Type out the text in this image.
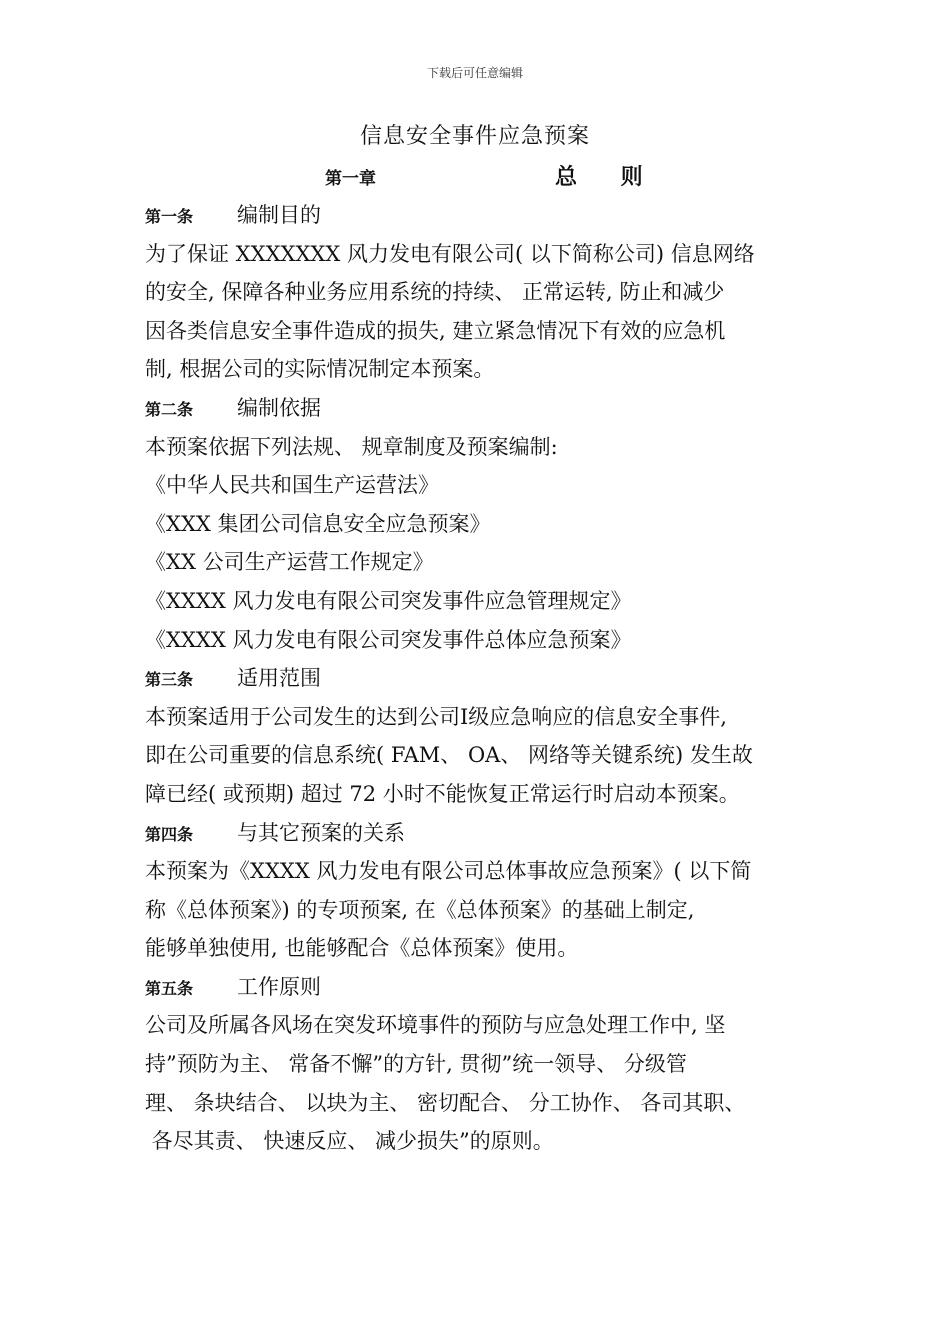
下载后可任意编辑
信息安全事件应急预案
第一章	总 则
第一条 编制目的
为了保证 XXXXXXX 风力发电有限公司( 以下简称公司) 信息网络
的安全, 保障各种业务应用系统的持续、 正常运转, 防止和减少
因各类信息安全事件造成的损失, 建立紧急情况下有效的应急机
制, 根据公司的实际情况制定本预案。
第二条 编制依据
本预案依据下列法规、 规章制度及预案编制:
《中华人民共和国生产运营法》
《XXX 集团公司信息安全应急预案》
《XX 公司生产运营工作规定》
《XXXX 风力发电有限公司突发事件应急管理规定》
《XXXX 风力发电有限公司突发事件总体应急预案》
第三条 适用范围
本预案适用于公司发生的达到公司Ⅰ级应急响应的信息安全事件,
即在公司重要的信息系统( FAM、 OA、 网络等关键系统) 发生故
障已经( 或预期) 超过 72 小时不能恢复正常运行时启动本预案。
第四条 与其它预案的关系
本预案为《XXXX 风力发电有限公司总体事故应急预案》( 以下简
称《总体预案》) 的专项预案, 在《总体预案》的基础上制定,
能够单独使用, 也能够配合《总体预案》使用。
第五条 工作原则
公司及所属各风场在突发环境事件的预防与应急处理工作中, 坚
持”预防为主、 常备不懈”的方针, 贯彻”统一领导、 分级管
理、 条块结合、 以块为主、 密切配合、 分工协作、 各司其职、
各尽其责、 快速反应、 减少损失”的原则。
